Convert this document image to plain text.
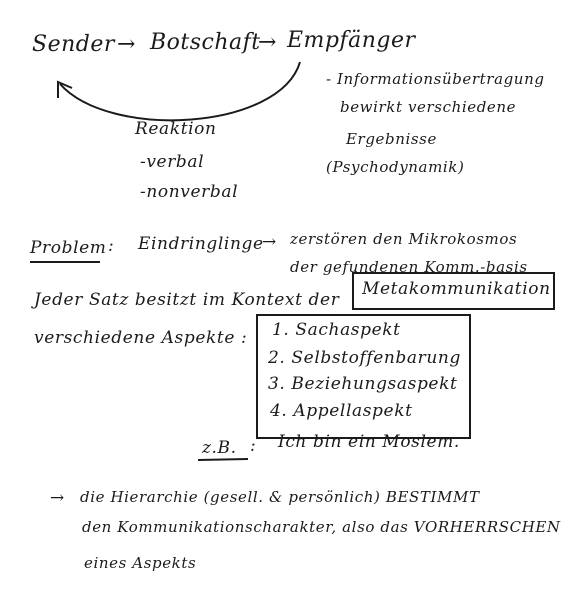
Sender → Botschaft
→ Empfänger
Reaktion
-verbal
-nonverbal
- Informationsübertragung
bewirkt verschiedene
Ergebnisse
(Psychodynamik)
Problem : Eindringlinge
→ zerstören den Mikrokosmos
der gefundenen Komm.-basis
Jeder Satz besitzt im Kontext der
Metakommunikation
verschiedene Aspekte : 1. Sachaspekt
2. Selbstoffenbarung
3. Beziehungsaspekt
4. Appellaspekt
z.B. : Ich bin ein Moslem.
→ die Hierarchie (gesell. & persönlich) BESTIMMT
den Kommunikationscharakter, also das VORHERRSCHEN
eines Aspekts
